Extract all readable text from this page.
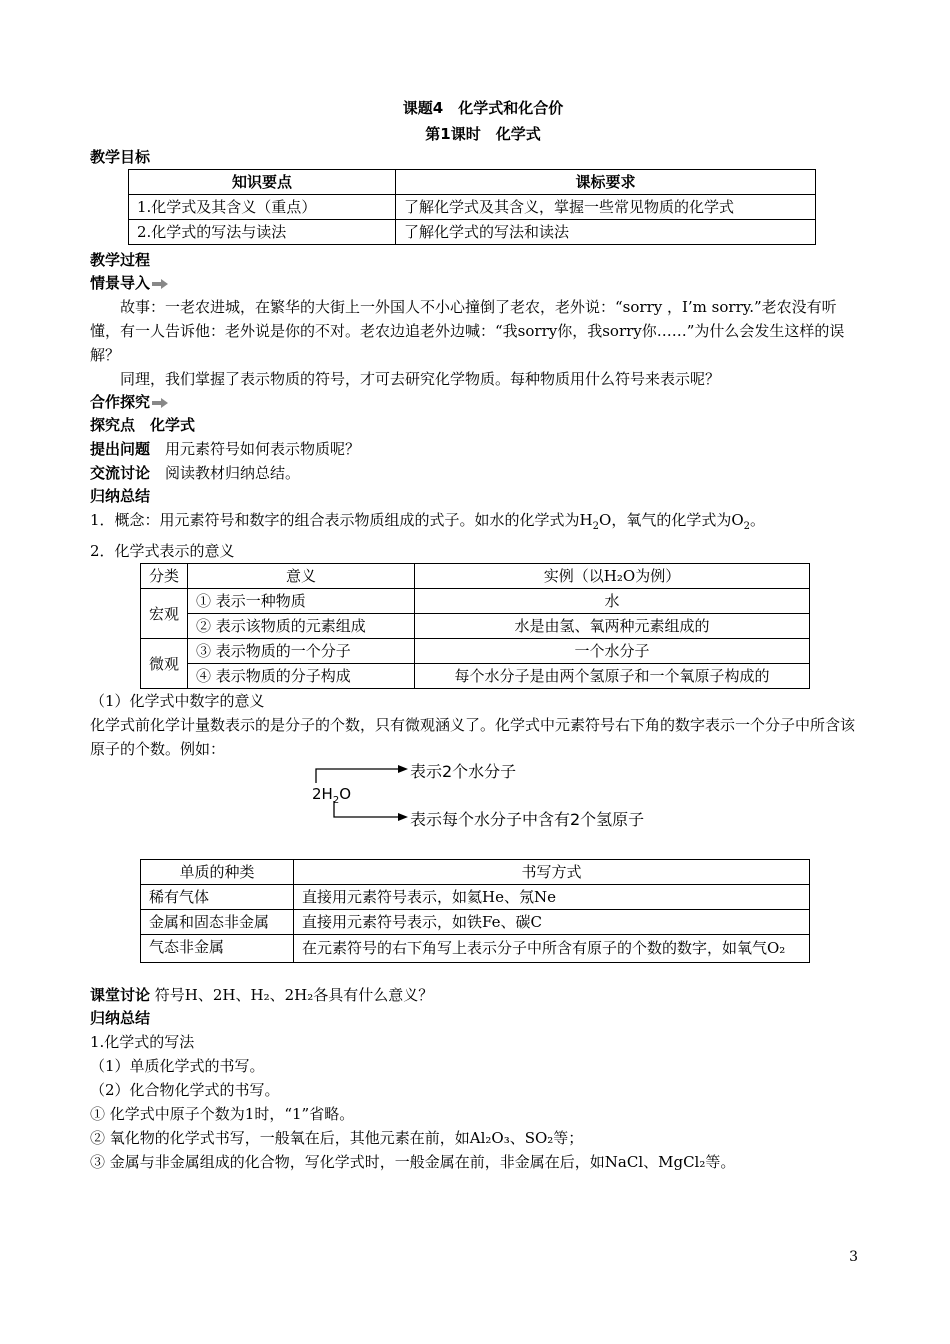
课题4　化学式和化合价
第1课时　化学式
教学目标
知识要点	课标要求
1.化学式及其含义（重点）	了解化学式及其含义，掌握一些常见物质的化学式
2.化学式的写法与读法	了解化学式的写法和读法
教学过程
情景导入
故事：一老农进城，在繁华的大街上一外国人不小心撞倒了老农，老外说：“sorry ，I’m sorry.”老农没有听懂，有一人告诉他：老外说是你的不对。老农边追老外边喊：“我sorry你，我sorry你……”为什么会发生这样的误解？
同理，我们掌握了表示物质的符号，才可去研究化学物质。每种物质用什么符号来表示呢？
合作探究
探究点　化学式
提出问题　 用元素符号如何表示物质呢？
交流讨论　 阅读教材归纳总结。
归纳总结
1．概念：用元素符号和数字的组合表示物质组成的式子。如水的化学式为$H_2O$，氧气的化学式为$O_2$。
2．化学式表示的意义
分类	意义	实例（以H₂O为例）
宏观	① 表示一种物质	水
	② 表示该物质的元素组成	水是由氢、氧两种元素组成的
微观	③ 表示物质的一个分子	一个水分子
	④ 表示物质的分子构成	每个水分子是由两个氢原子和一个氧原子构成的
（1）化学式中数字的意义
化学式前化学计量数表示的是分子的个数，只有微观涵义了。化学式中元素符号右下角的数字表示一个分子中所含该原子的个数。例如：
$2H_2O$
表示2个水分子
表示每个水分子中含有2个氢原子
单质的种类	书写方式
稀有气体	直接用元素符号表示，如氦He、氖Ne
金属和固态非金属	直接用元素符号表示，如铁Fe、碳C
气态非金属	在元素符号的右下角写上表示分子中所含有原子的个数的数字，如氧气O₂
课堂讨论 符号H、2H、H₂、2H₂各具有什么意义？
归纳总结
1.化学式的写法
（1）单质化学式的书写。
（2）化合物化学式的书写。
① 化学式中原子个数为1时，“1”省略。
② 氧化物的化学式书写，一般氧在后，其他元素在前，如Al₂O₃、SO₂等；
③ 金属与非金属组成的化合物，写化学式时，一般金属在前，非金属在后，如NaCl、MgCl₂等。
3
